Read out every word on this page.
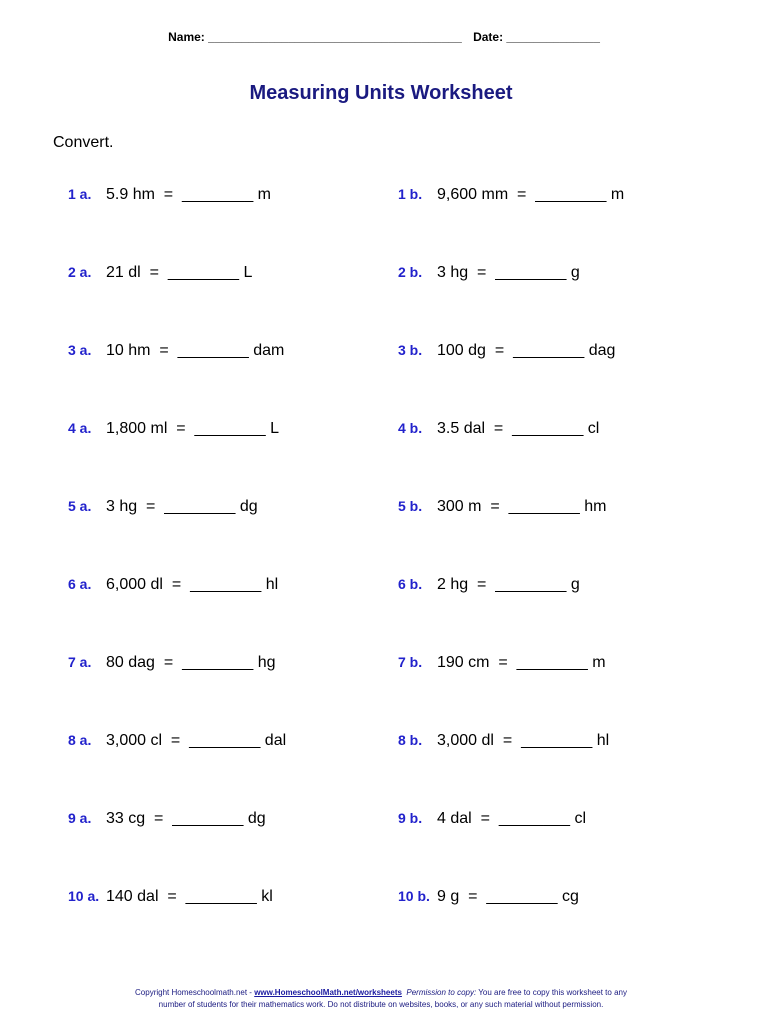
Name: ______________________________________ Date: ______________
Measuring Units Worksheet
Convert.
1 a. 5.9 hm  =  ________ m
2 a. 21 dl  =  ________ L
3 a. 10 hm  =  ________ dam
4 a. 1,800 ml  =  ________ L
5 a. 3 hg  =  ________ dg
6 a. 6,000 dl  =  ________ hl
7 a. 80 dag  =  ________ hg
8 a. 3,000 cl  =  ________ dal
9 a. 33 cg  =  ________ dg
10 a. 140 dal  =  ________ kl
1 b. 9,600 mm  =  ________ m
2 b. 3 hg  =  ________ g
3 b. 100 dg  =  ________ dag
4 b. 3.5 dal  =  ________ cl
5 b. 300 m  =  ________ hm
6 b. 2 hg  =  ________ g
7 b. 190 cm  =  ________ m
8 b. 3,000 dl  =  ________ hl
9 b. 4 dal  =  ________ cl
10 b. 9 g  =  ________ cg
Copyright Homeschoolmath.net - www.HomeschoolMath.net/worksheets Permission to copy: You are free to copy this worksheet to any
number of students for their mathematics work. Do not distribute on websites, books, or any such material without permission.
